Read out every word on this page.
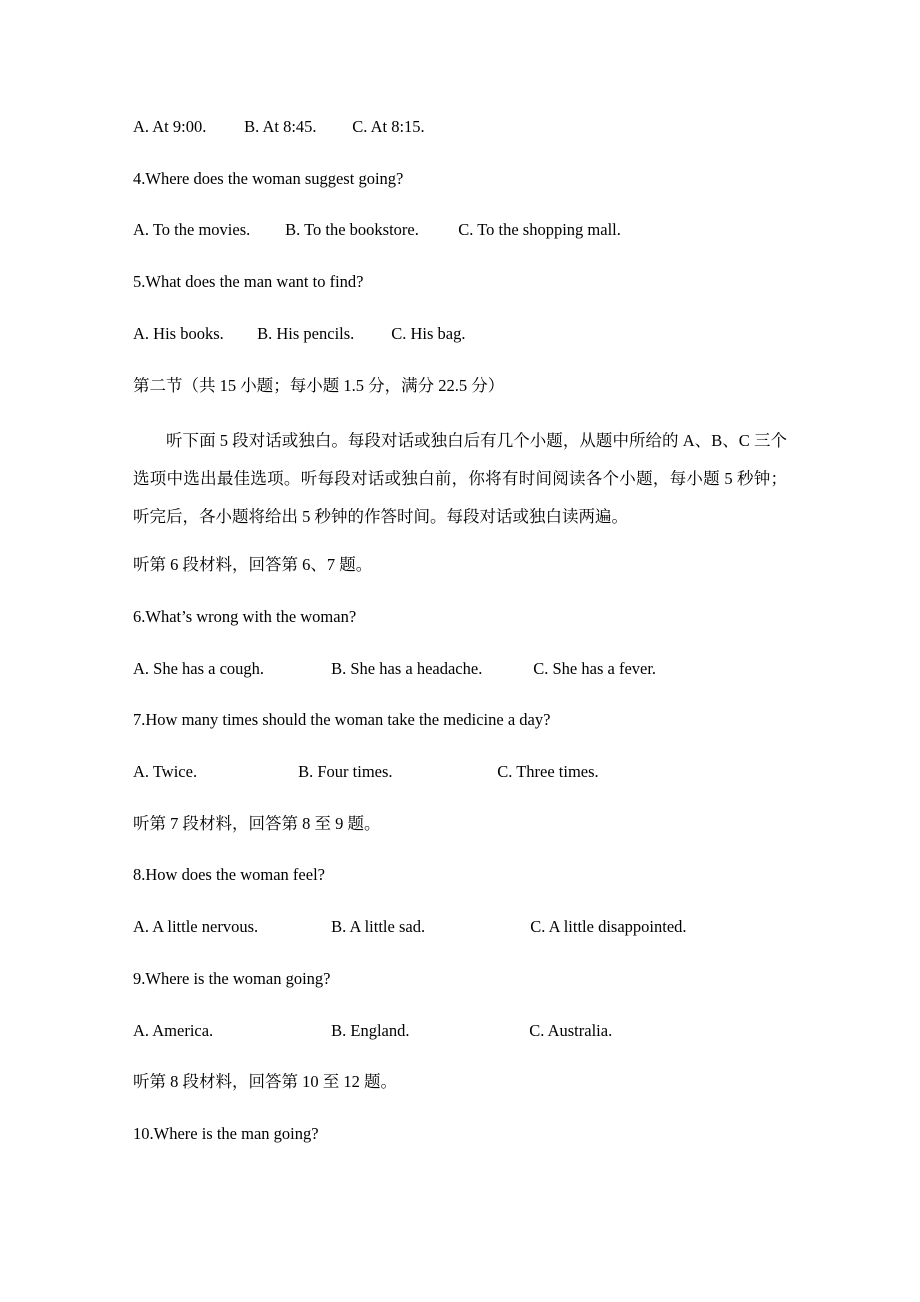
A. At 9:00. B. At 8:45. C. At 8:15.
4.Where does the woman suggest going?
A. To the movies. B. To the bookstore. C. To the shopping mall.
5.What does the man want to find?
A. His books. B. His pencils. C. His bag.
第二节（共 15 小题；每小题 1.5 分，满分 22.5 分）
听下面 5 段对话或独白。每段对话或独白后有几个小题，从题中所给的 A、B、C 三个选项中选出最佳选项。听每段对话或独白前，你将有时间阅读各个小题，每小题 5 秒钟；听完后，各小题将给出 5 秒钟的作答时间。每段对话或独白读两遍。
听第 6 段材料，回答第 6、7 题。
6.What’s wrong with the woman?
A. She has a cough.	B. She has a headache.	C. She has a fever.
7.How many times should the woman take the medicine a day?
A. Twice.	B. Four times.	C. Three times.
听第 7 段材料，回答第 8 至 9 题。
8.How does the woman feel?
A. A little nervous.	B. A little sad.	C. A little disappointed.
9.Where is the woman going?
A. America.	B. England.	C. Australia.
听第 8 段材料，回答第 10 至 12 题。
10.Where is the man going?
